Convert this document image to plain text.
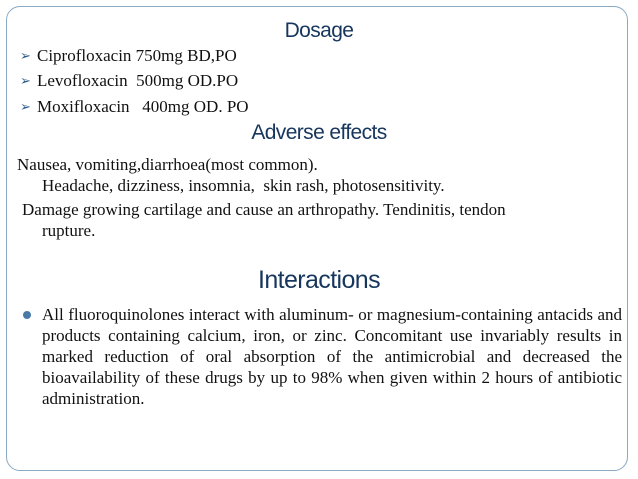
Dosage
➢ Ciprofloxacin 750mg BD,PO
➢ Levofloxacin  500mg OD.PO
➢ Moxifloxacin   400mg OD. PO
Adverse effects
Nausea, vomiting,diarrhoea(most common).
Headache, dizziness, insomnia,  skin rash, photosensitivity.
Damage growing cartilage and cause an arthropathy. Tendinitis, tendon
rupture.
Interactions
All fluoroquinolones interact with aluminum- or magnesium-containing antacids and products containing calcium, iron, or zinc. Concomitant use invariably results in marked reduction of oral absorption of the antimicrobial and decreased the bioavailability of these drugs by up to 98% when given within 2 hours of antibiotic administration.
